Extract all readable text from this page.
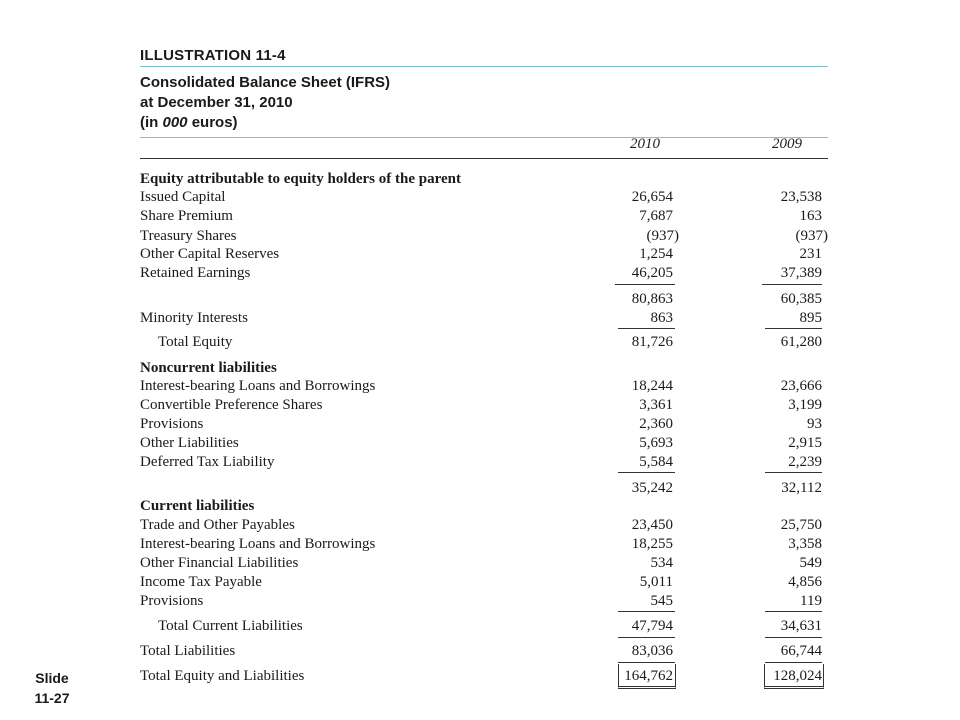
ILLUSTRATION 11-4
Consolidated Balance Sheet (IFRS)
at December 31, 2010
(in 000 euros)
2010	2009
Equity attributable to equity holders of the parent
Issued Capital	26,654	23,538
Share Premium	7,687	163
Treasury Shares	(937)	(937)
Other Capital Reserves	1,254	231
Retained Earnings	46,205	37,389
80,863	60,385
Minority Interests	863	895
Total Equity	81,726	61,280
Noncurrent liabilities
Interest-bearing Loans and Borrowings	18,244	23,666
Convertible Preference Shares	3,361	3,199
Provisions	2,360	93
Other Liabilities	5,693	2,915
Deferred Tax Liability	5,584	2,239
35,242	32,112
Current liabilities
Trade and Other Payables	23,450	25,750
Interest-bearing Loans and Borrowings	18,255	3,358
Other Financial Liabilities	534	549
Income Tax Payable	5,011	4,856
Provisions	545	119
Total Current Liabilities	47,794	34,631
Total Liabilities	83,036	66,744
Total Equity and Liabilities	164,762	128,024
Slide
11-27
